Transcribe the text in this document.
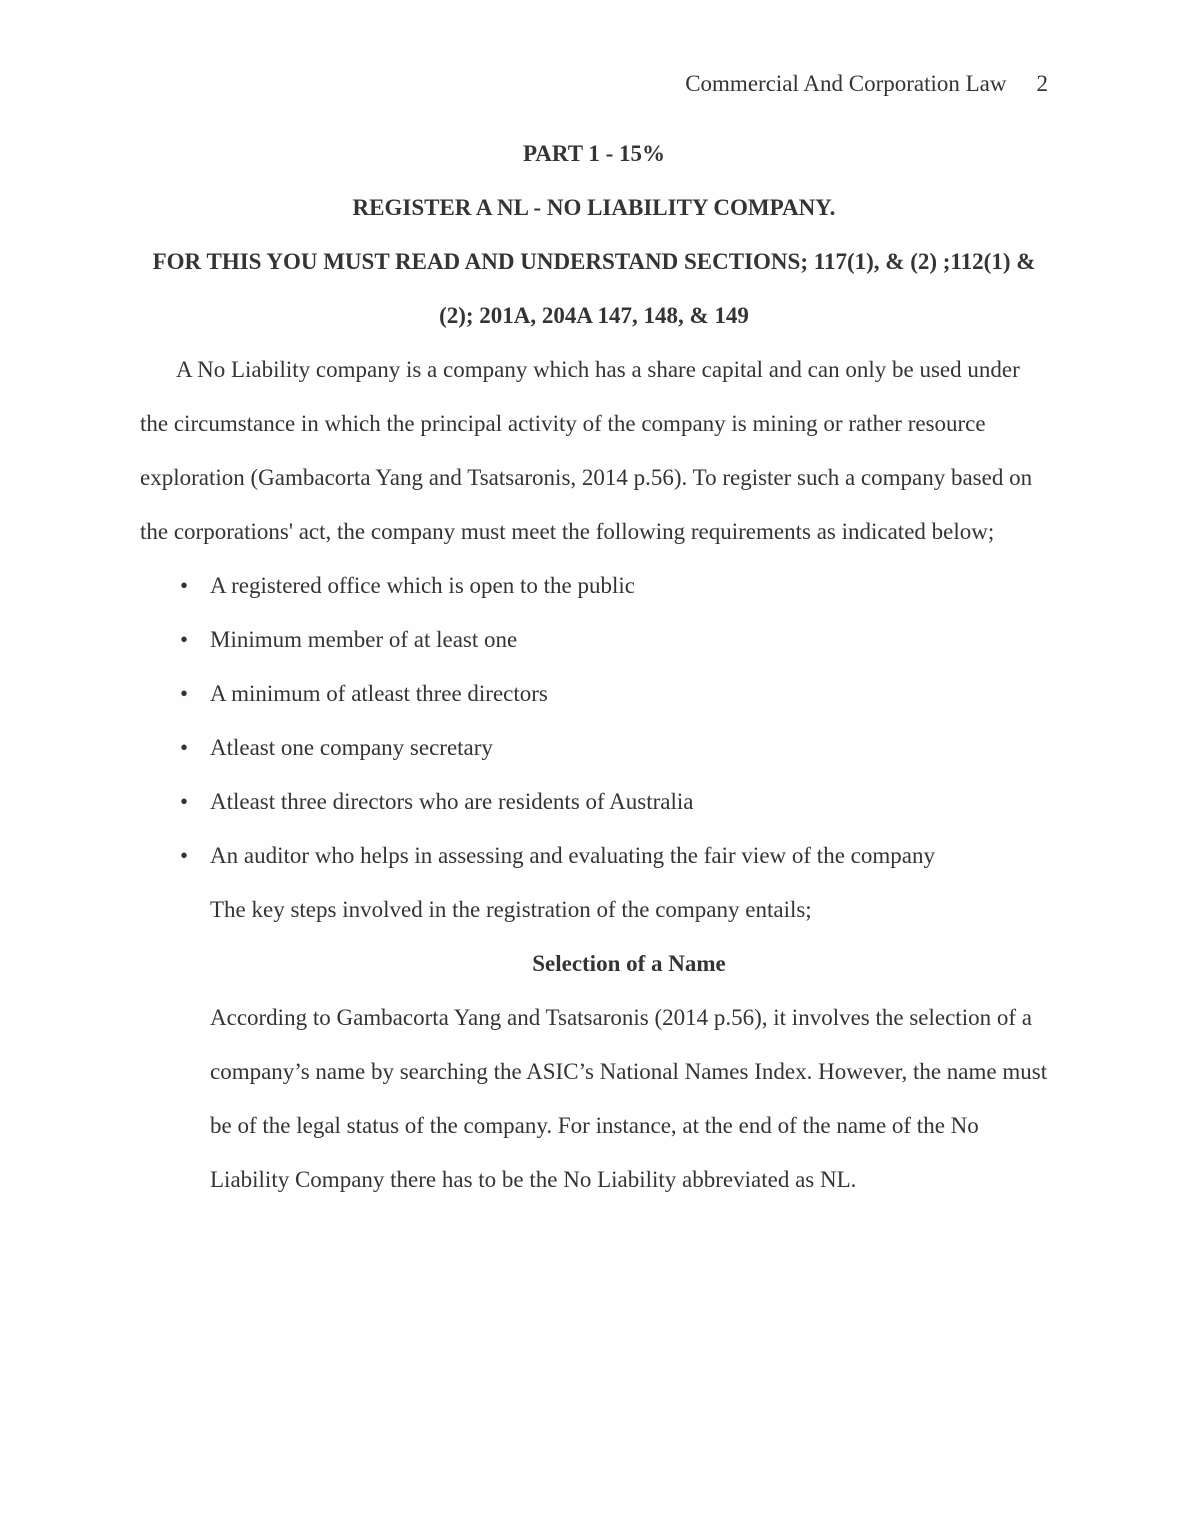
Commercial And Corporation Law 2

PART 1 - 15%

REGISTER A NL - NO LIABILITY COMPANY.

FOR THIS YOU MUST READ AND UNDERSTAND SECTIONS; 117(1), & (2) ;112(1) &(2); 201A, 204A 147, 148, & 149

A No Liability company is a company which has a share capital and can only be used under the circumstance in which the principal activity of the company is mining or rather resource exploration (Gambacorta Yang and Tsatsaronis, 2014 p.56). To register such a company based on the corporations' act, the company must meet the following requirements as indicated below;

• A registered office which is open to the public
• Minimum member of at least one
• A minimum of atleast three directors
• Atleast one company secretary
• Atleast three directors who are residents of Australia
• An auditor who helps in assessing and evaluating the fair view of the company

The key steps involved in the registration of the company entails;

Selection of a Name

According to Gambacorta Yang and Tsatsaronis (2014 p.56), it involves the selection of a company’s name by searching the ASIC’s National Names Index. However, the name must be of the legal status of the company. For instance, at the end of the name of the No Liability Company there has to be the No Liability abbreviated as NL.
